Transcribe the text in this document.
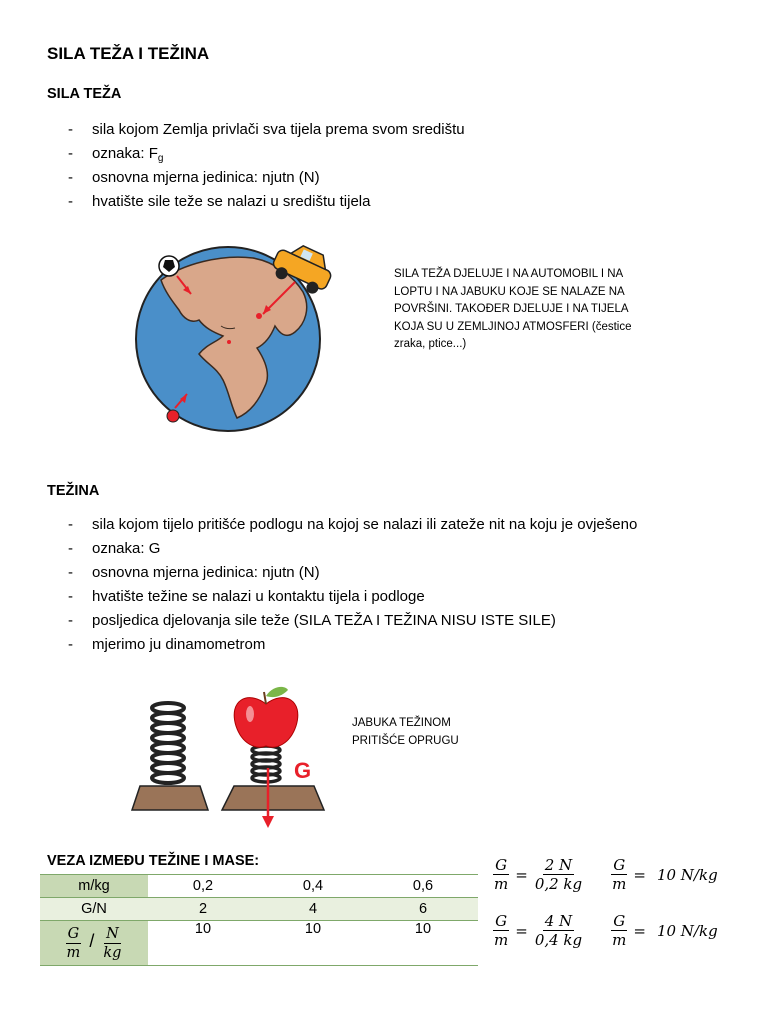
SILA TEŽA I TEŽINA
SILA TEŽA
- sila kojom Zemlja privlači sva tijela prema svom središtu
- oznaka: $F_g$
- osnovna mjerna jedinica: njutn (N)
- hvatište sile teže se nalazi u središtu tijela
SILA TEŽA DJELUJE I NA AUTOMOBIL I NA LOPTU I NA JABUKU KOJE SE NALAZE NA POVRŠINI. TAKOĐER DJELUJE I NA TIJELA KOJA SU U ZEMLJINOJ ATMOSFERI (čestice zraka, ptice...)
TEŽINA
- sila kojom tijelo pritišće podlogu na kojoj se nalazi ili zateže nit na koju je ovješeno
- oznaka: G
- osnovna mjerna jedinica: njutn (N)
- hvatište težine se nalazi u kontaktu tijela i podloge
- posljedica djelovanja sile teže (SILA TEŽA I TEŽINA NISU ISTE SILE)
- mjerimo ju dinamometrom
G
JABUKA TEŽINOM PRITIŠĆE OPRUGU
VEZA IZMEĐU TEŽINE I MASE:
m/kg	0,2	0,4	0,6
G/N	2	4	6

$\frac{G}{m} / \frac{N}{kg}$	10	10	10
$\frac{G}{m} = \frac{2 N}{0,2 kg} \frac{G}{m} = 10$ N/kg
$\frac{G}{m} = \frac{4 N}{0,4 kg} \frac{G}{m} = 10$ N/kg
